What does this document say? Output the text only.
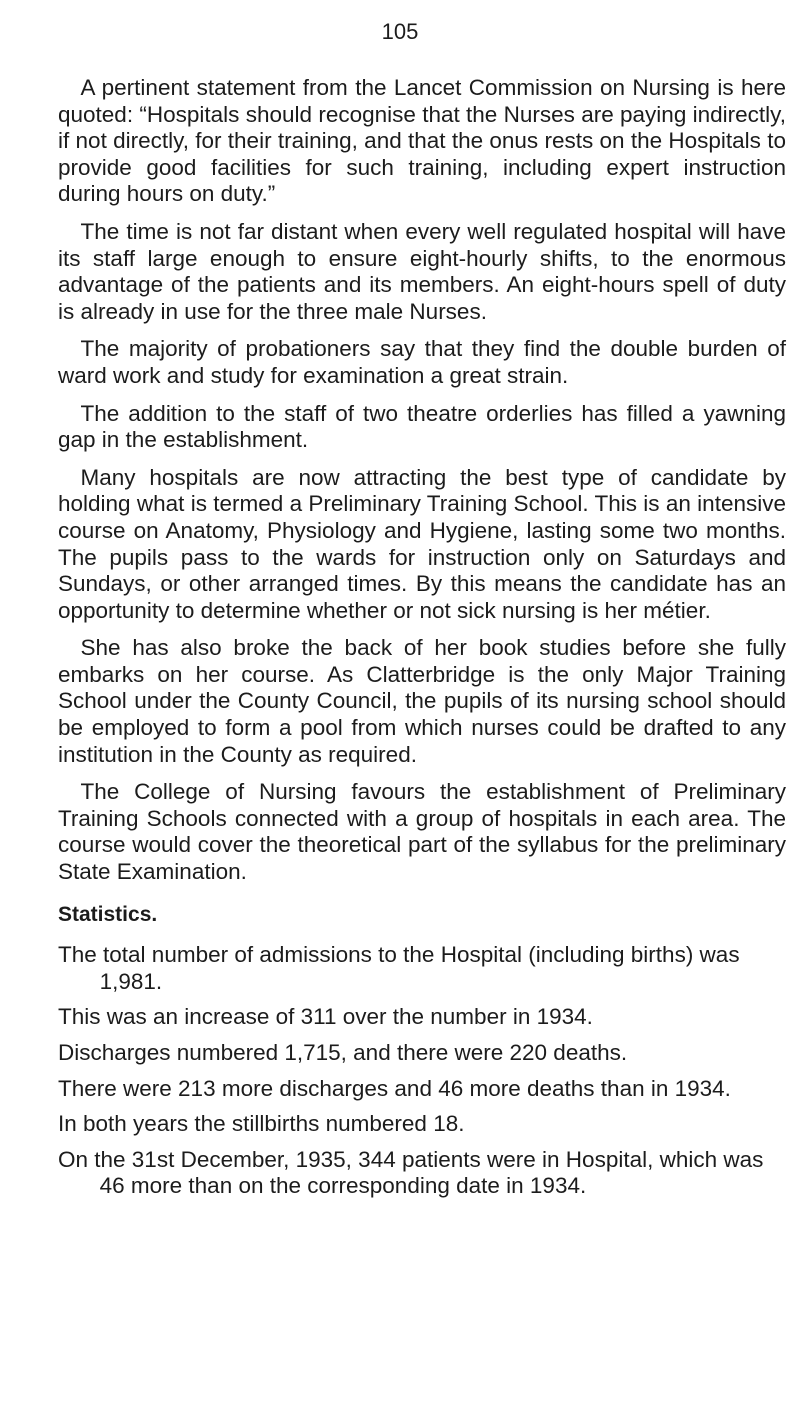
105

A pertinent statement from the Lancet Commission on Nursing is here quoted: “Hospitals should recognise that the Nurses are paying indirectly, if not directly, for their training, and that the onus rests on the Hospitals to provide good facilities for such training, including expert instruction during hours on duty.”

The time is not far distant when every well regulated hospital will have its staff large enough to ensure eight-hourly shifts, to the enormous advantage of the patients and its members. An eight-hours spell of duty is already in use for the three male Nurses.

The majority of probationers say that they find the double burden of ward work and study for examination a great strain.

The addition to the staff of two theatre orderlies has filled a yawning gap in the establishment.

Many hospitals are now attracting the best type of candidate by holding what is termed a Preliminary Training School. This is an intensive course on Anatomy, Physiology and Hygiene, lasting some two months. The pupils pass to the wards for instruction only on Saturdays and Sundays, or other arranged times. By this means the candidate has an opportunity to determine whether or not sick nursing is her métier.

She has also broke the back of her book studies before she fully embarks on her course. As Clatterbridge is the only Major Training School under the County Council, the pupils of its nursing school should be employed to form a pool from which nurses could be drafted to any institution in the County as required.

The College of Nursing favours the establishment of Preliminary Training Schools connected with a group of hospitals in each area. The course would cover the theoretical part of the syllabus for the preliminary State Examination.

Statistics.

The total number of admissions to the Hospital (including births) was 1,981.

This was an increase of 311 over the number in 1934.

Discharges numbered 1,715, and there were 220 deaths.

There were 213 more discharges and 46 more deaths than in 1934.

In both years the stillbirths numbered 18.

On the 31st December, 1935, 344 patients were in Hospital, which was 46 more than on the corresponding date in 1934.
